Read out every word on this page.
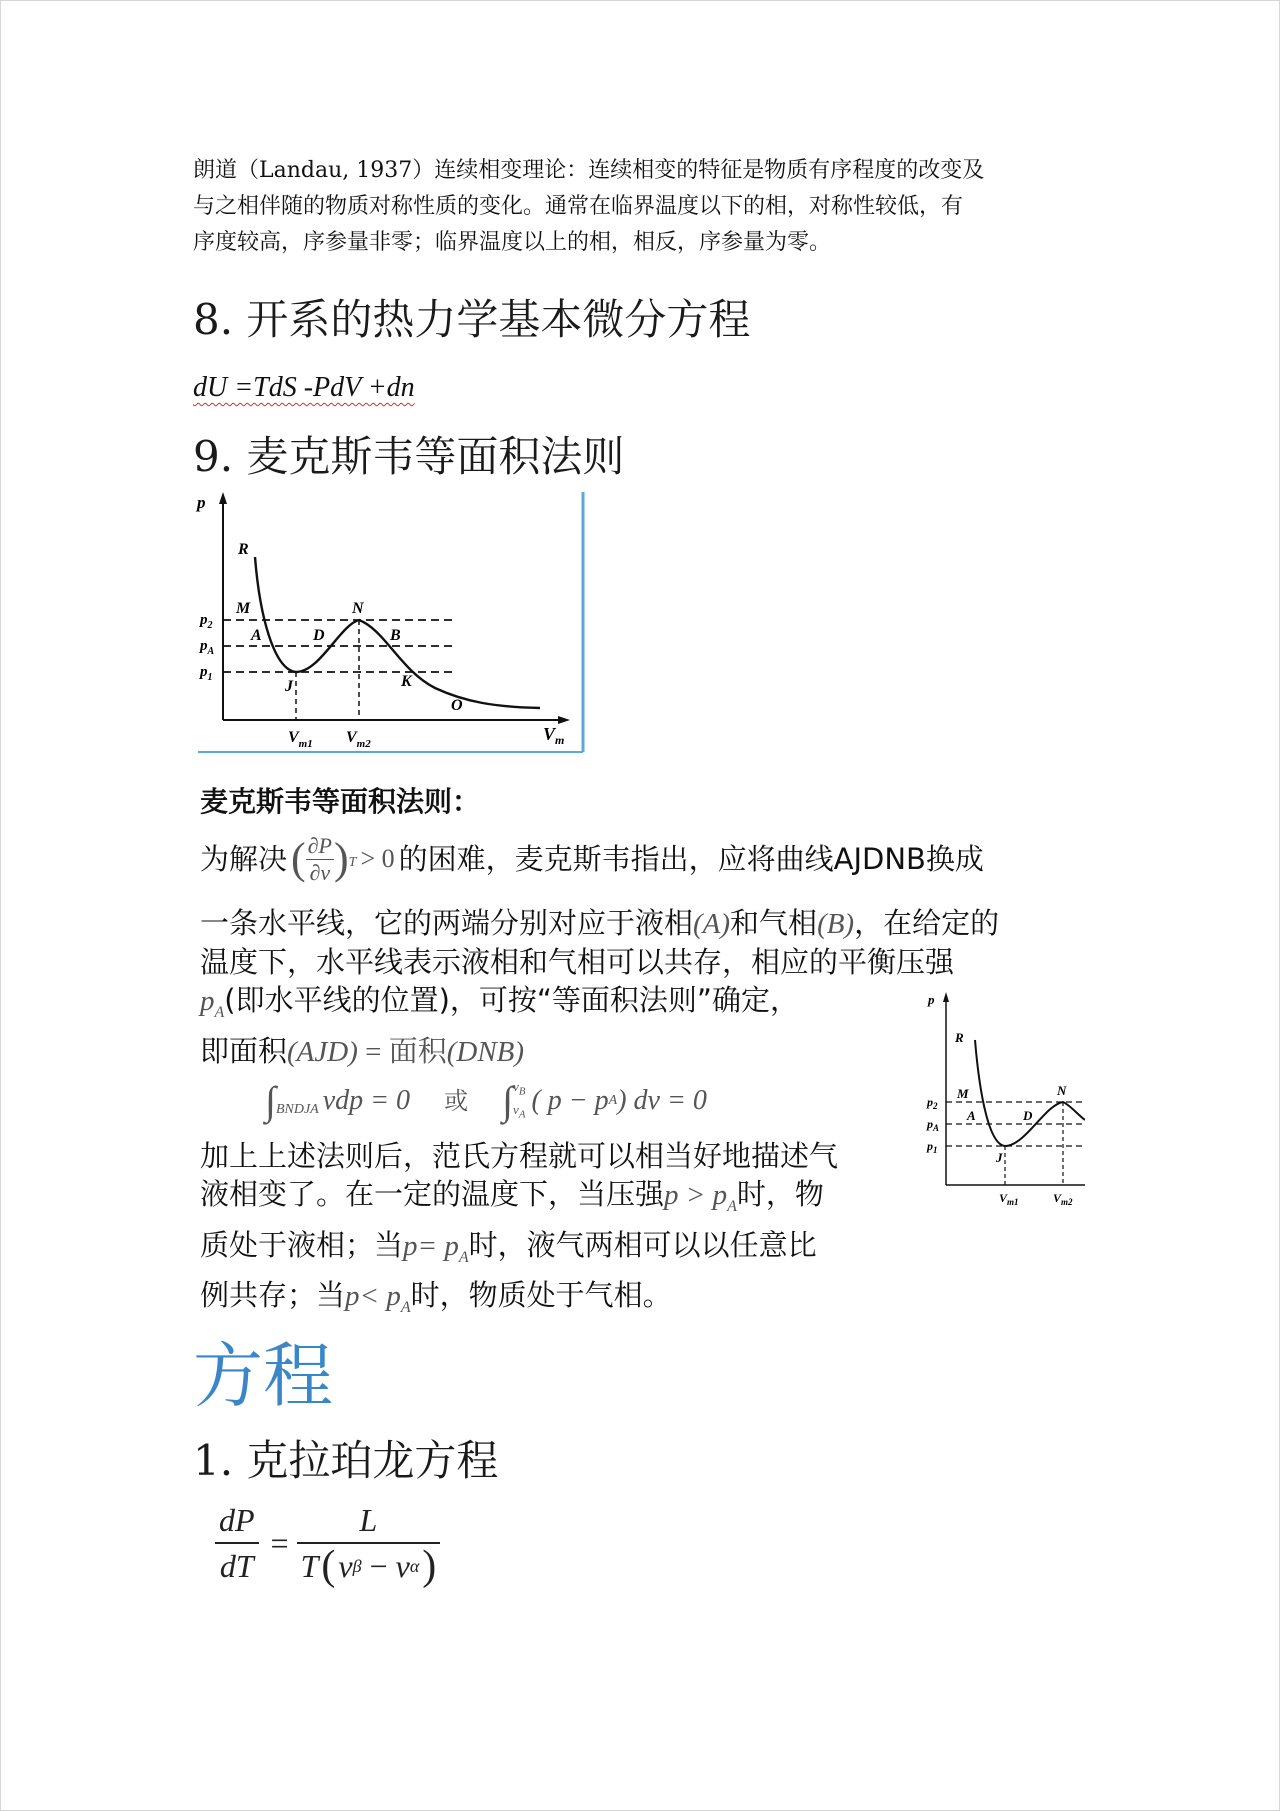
朗道（Landau, 1937）连续相变理论：连续相变的特征是物质有序程度的改变及

与之相伴随的物质对称性质的变化。通常在临界温度以下的相，对称性较低，有

序度较高，序参量非零；临界温度以上的相，相反，序参量为零。

8. 开系的热力学基本微分方程
dU =TdS -PdV +dn
9. 麦克斯韦等面积法则
p
$V_m$
R
M	N
A	D	B
J	K
O
$p_2$
$p_A$
$p_1$
$V_{m1}$ $V_{m2}$

麦克斯韦等面积法则：

为解决 ( ∂P
∂v ) T > 0 的困难，麦克斯韦指出，应将曲线AJDNB换成

一条水平线，它的两端分别对应于液相(A)和气相(B)，在给定的

温度下，水平线表示液相和气相可以共存，相应的平衡压强

$p_A$(即水平线的位置)，可按“等面积法则”确定，

即面积(AJD) = 面积(DNB)

$\int_{BNDJA}$ vdp = 0 或 ∫ $v_B$
$v_A$ ( p − p A ) dv = 0

加上上述法则后，范氏方程就可以相当好地描述气

液相变了。在一定的温度下，当压强$p > p_A$时，物

质处于液相；当$p= p_A$时，液气两相可以以任意比

例共存；当$p< p_A$时，物质处于气相。

p
R
M	N
A	D
J
$p_2$
$p_A$
$p_1$
$V_{m1}$	$V_{m2}$
方程
1. 克拉珀龙方程
$\frac{dP}{dT} = \frac{L}{\text{T ( v β − v α )}}$
